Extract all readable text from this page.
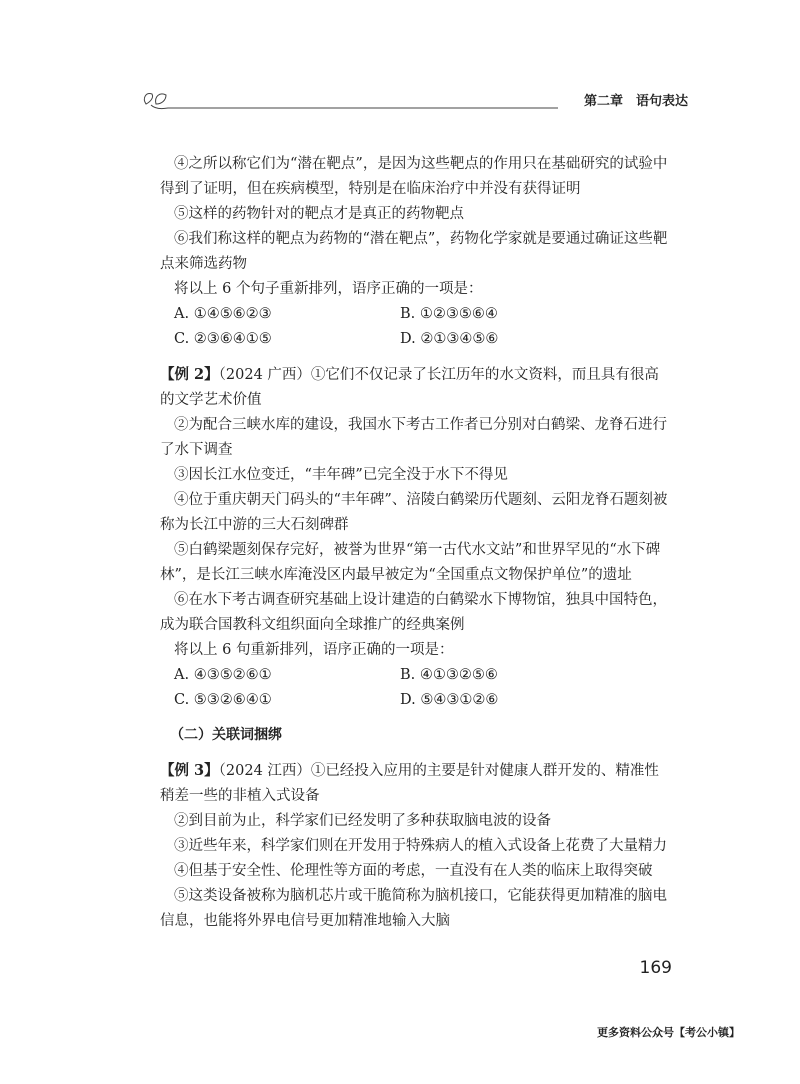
第二章　语句表达

④之所以称它们为“潜在靶点”，是因为这些靶点的作用只在基础研究的试验中得到了证明，但在疾病模型，特别是在临床治疗中并没有获得证明

⑤这样的药物针对的靶点才是真正的药物靶点

⑥我们称这样的靶点为药物的“潜在靶点”，药物化学家就是要通过确证这些靶点来筛选药物

将以上 6 个句子重新排列，语序正确的一项是：

A. ①④⑤⑥②③	B. ①②③⑤⑥④
C. ②③⑥④①⑤	D. ②①③④⑤⑥

【例 2】（2024 广西）①它们不仅记录了长江历年的水文资料，而且具有很高的文学艺术价值

②为配合三峡水库的建设，我国水下考古工作者已分别对白鹤梁、龙脊石进行了水下调查

③因长江水位变迁，“丰年碑”已完全没于水下不得见

④位于重庆朝天门码头的“丰年碑”、涪陵白鹤梁历代题刻、云阳龙脊石题刻被称为长江中游的三大石刻碑群

⑤白鹤梁题刻保存完好，被誉为世界“第一古代水文站”和世界罕见的“水下碑林”，是长江三峡水库淹没区内最早被定为“全国重点文物保护单位”的遗址

⑥在水下考古调查研究基础上设计建造的白鹤梁水下博物馆，独具中国特色，成为联合国教科文组织面向全球推广的经典案例

将以上 6 句重新排列，语序正确的一项是：

A. ④③⑤②⑥①	B. ④①③②⑤⑥
C. ⑤③②⑥④①	D. ⑤④③①②⑥
（二）关联词捆绑

【例 3】（2024 江西）①已经投入应用的主要是针对健康人群开发的、精准性稍差一些的非植入式设备

②到目前为止，科学家们已经发明了多种获取脑电波的设备

③近些年来，科学家们则在开发用于特殊病人的植入式设备上花费了大量精力

④但基于安全性、伦理性等方面的考虑，一直没有在人类的临床上取得突破

⑤这类设备被称为脑机芯片或干脆简称为脑机接口，它能获得更加精准的脑电信息，也能将外界电信号更加精准地输入大脑

169
更多资料公众号【考公小镇】
